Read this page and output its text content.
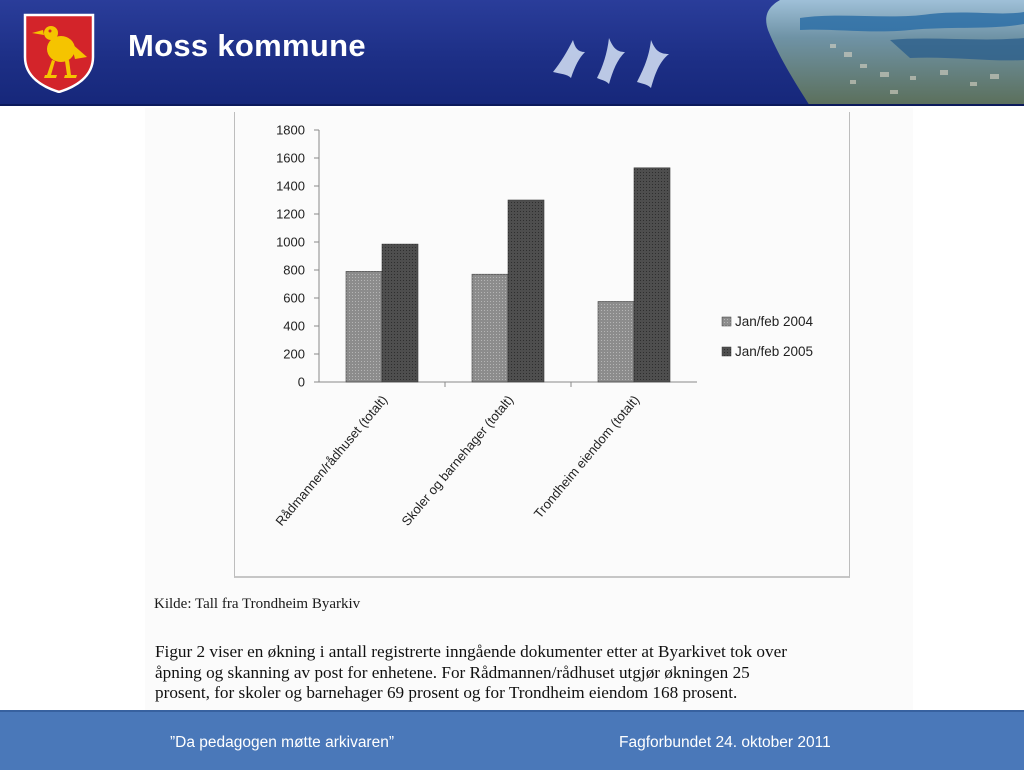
Moss kommune
0
200
400
600
800
1000
1200
1400
1600
1800
Rådmannen/rådhuset (totalt) Skoler og barnehager (totalt) Trondheim eiendom (totalt)
Jan/feb 2004
Jan/feb 2005
Kilde: Tall fra Trondheim Byarkiv
Figur 2 viser en økning i antall registrerte inngående dokumenter etter at Byarkivet tok over
åpning og skanning av post for enhetene. For Rådmannen/rådhuset utgjør økningen 25
prosent, for skoler og barnehager 69 prosent og for Trondheim eiendom 168 prosent.
”Da pedagogen møtte arkivaren”	Fagforbundet 24. oktober 2011
